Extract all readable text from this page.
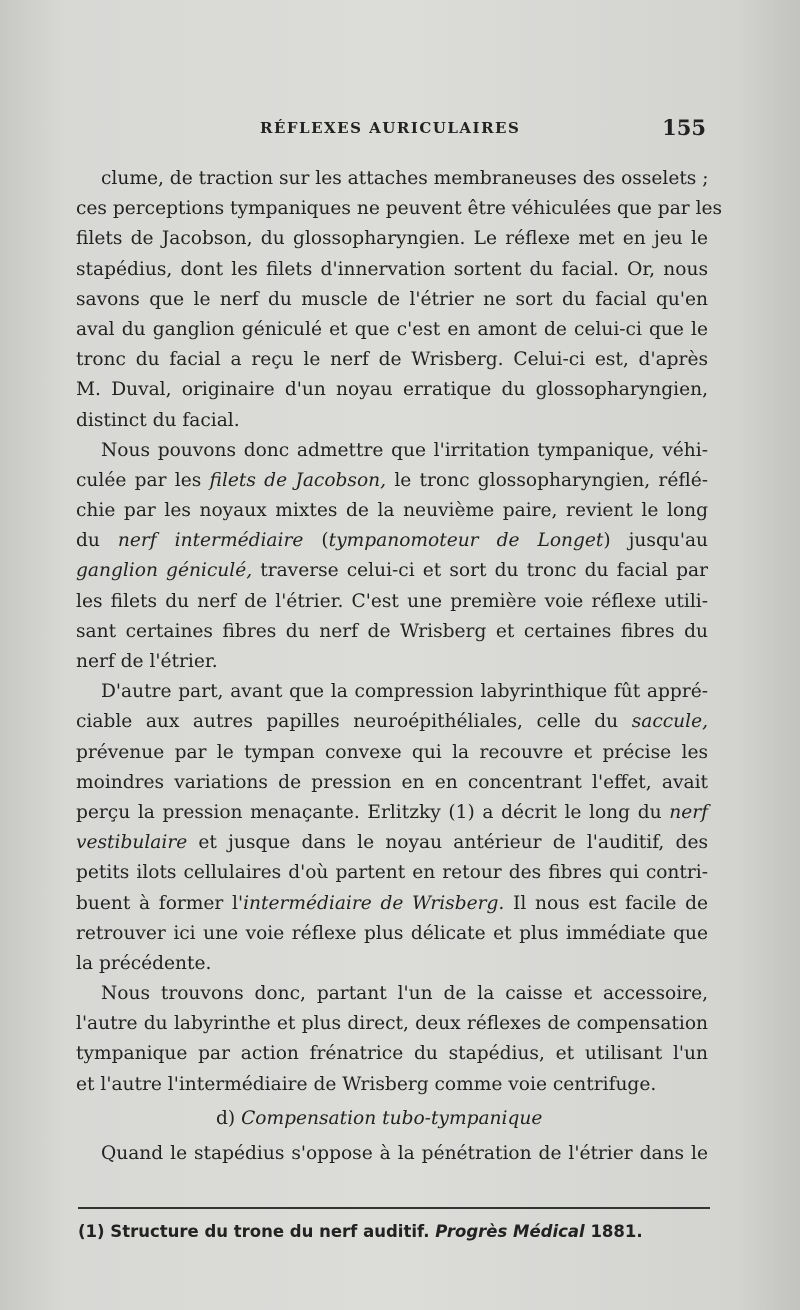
RÉFLEXES AURICULAIRES	155
clume, de traction sur les attaches membraneuses des osselets ;
ces perceptions tympaniques ne peuvent être véhiculées que par les
filets de Jacobson, du glossopharyngien. Le réflexe met en jeu le
stapédius, dont les filets d'innervation sortent du facial. Or, nous
savons que le nerf du muscle de l'étrier ne sort du facial qu'en
aval du ganglion géniculé et que c'est en amont de celui-ci que le
tronc du facial a reçu le nerf de Wrisberg. Celui-ci est, d'après
M. Duval, originaire d'un noyau erratique du glossopharyngien,
distinct du facial.
Nous pouvons donc admettre que l'irritation tympanique, véhi-
culée par les filets de Jacobson, le tronc glossopharyngien, réflé-
chie par les noyaux mixtes de la neuvième paire, revient le long
du nerf intermédiaire (tympanomoteur de Longet) jusqu'au
ganglion géniculé, traverse celui-ci et sort du tronc du facial par
les filets du nerf de l'étrier. C'est une première voie réflexe utili-
sant certaines fibres du nerf de Wrisberg et certaines fibres du
nerf de l'étrier.
D'autre part, avant que la compression labyrinthique fût appré-
ciable aux autres papilles neuroépithéliales, celle du saccule,
prévenue par le tympan convexe qui la recouvre et précise les
moindres variations de pression en en concentrant l'effet, avait
perçu la pression menaçante. Erlitzky (1) a décrit le long du nerf
vestibulaire et jusque dans le noyau antérieur de l'auditif, des
petits ilots cellulaires d'où partent en retour des fibres qui contri-
buent à former l'intermédiaire de Wrisberg. Il nous est facile de
retrouver ici une voie réflexe plus délicate et plus immédiate que
la précédente.
Nous trouvons donc, partant l'un de la caisse et accessoire,
l'autre du labyrinthe et plus direct, deux réflexes de compensation
tympanique par action frénatrice du stapédius, et utilisant l'un
et l'autre l'intermédiaire de Wrisberg comme voie centrifuge.
d) Compensation tubo-tympanique
Quand le stapédius s'oppose à la pénétration de l'étrier dans le
(1) Structure du trone du nerf auditif. Progrès Médical 1881.
